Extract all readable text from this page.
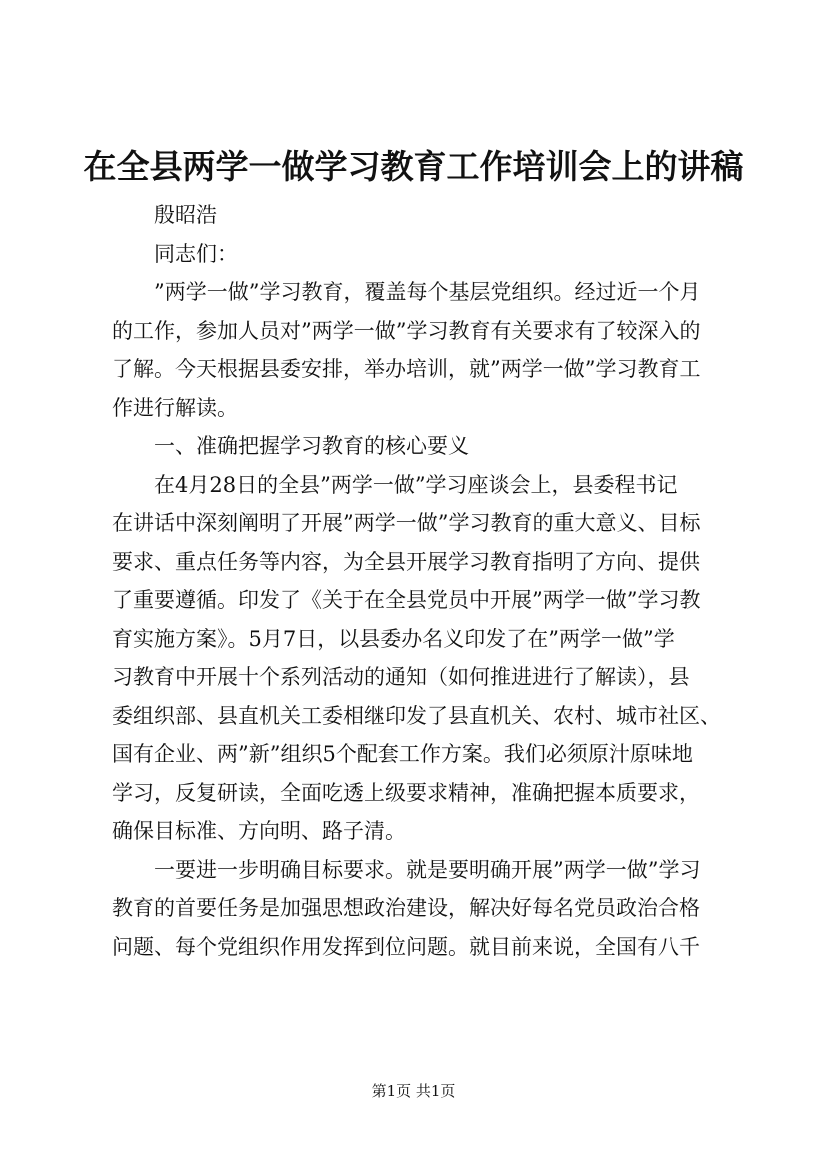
在全县两学一做学习教育工作培训会上的讲稿
殷昭浩
同志们：
”两学一做”学习教育，覆盖每个基层党组织。经过近一个月
的工作，参加人员对”两学一做”学习教育有关要求有了较深入的
了解。今天根据县委安排，举办培训，就”两学一做”学习教育工
作进行解读。
一、准确把握学习教育的核心要义
在4月28日的全县”两学一做”学习座谈会上，县委程书记
在讲话中深刻阐明了开展”两学一做”学习教育的重大意义、目标
要求、重点任务等内容，为全县开展学习教育指明了方向、提供
了重要遵循。印发了《关于在全县党员中开展”两学一做”学习教
育实施方案》。5月7日，以县委办名义印发了在”两学一做”学
习教育中开展十个系列活动的通知（如何推进进行了解读），县
委组织部、县直机关工委相继印发了县直机关、农村、城市社区、
国有企业、两”新”组织5个配套工作方案。我们必须原汁原味地
学习，反复研读，全面吃透上级要求精神，准确把握本质要求，
确保目标准、方向明、路子清。
一要进一步明确目标要求。就是要明确开展”两学一做”学习
教育的首要任务是加强思想政治建设，解决好每名党员政治合格
问题、每个党组织作用发挥到位问题。就目前来说，全国有八千
第1页 共1页
